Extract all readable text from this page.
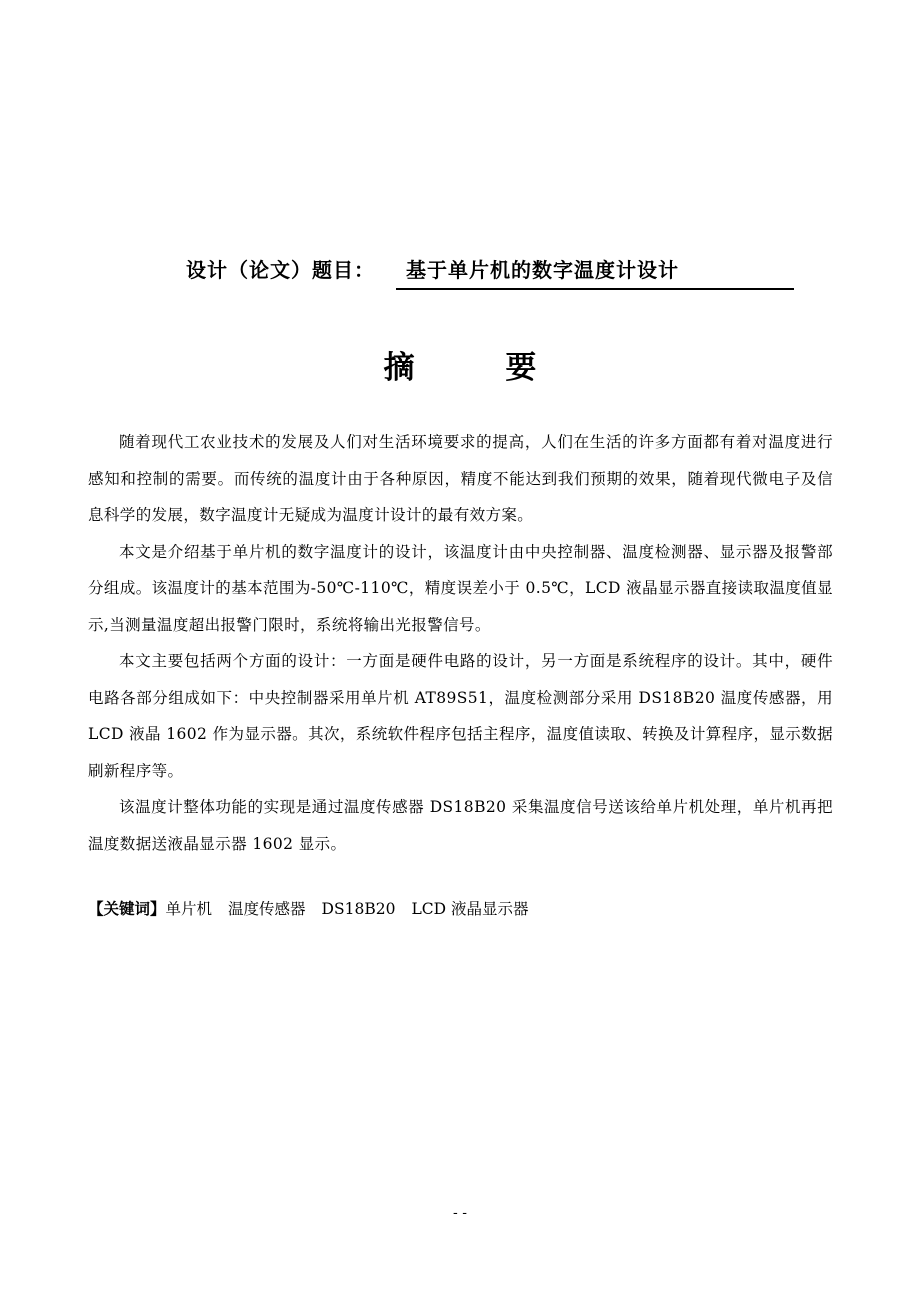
设计（论文）题目： 基于单片机的数字温度计设计
摘 要

随着现代工农业技术的发展及人们对生活环境要求的提高，人们在生活的许多方面都有着对温度进行感知和控制的需要。而传统的温度计由于各种原因，精度不能达到我们预期的效果，随着现代微电子及信息科学的发展，数字温度计无疑成为温度计设计的最有效方案。

本文是介绍基于单片机的数字温度计的设计，该温度计由中央控制器、温度检测器、显示器及报警部分组成。该温度计的基本范围为-50℃-110℃，精度误差小于 0.5℃，LCD 液晶显示器直接读取温度值显示,当测量温度超出报警门限时，系统将输出光报警信号。

本文主要包括两个方面的设计：一方面是硬件电路的设计，另一方面是系统程序的设计。其中，硬件电路各部分组成如下：中央控制器采用单片机 AT89S51，温度检测部分采用 DS18B20 温度传感器，用 LCD 液晶 1602 作为显示器。其次，系统软件程序包括主程序，温度值读取、转换及计算程序，显示数据刷新程序等。

该温度计整体功能的实现是通过温度传感器 DS18B20 采集温度信号送该给单片机处理，单片机再把温度数据送液晶显示器 1602 显示。

【关键词】单片机 温度传感器 DS18B20 LCD 液晶显示器
- -
